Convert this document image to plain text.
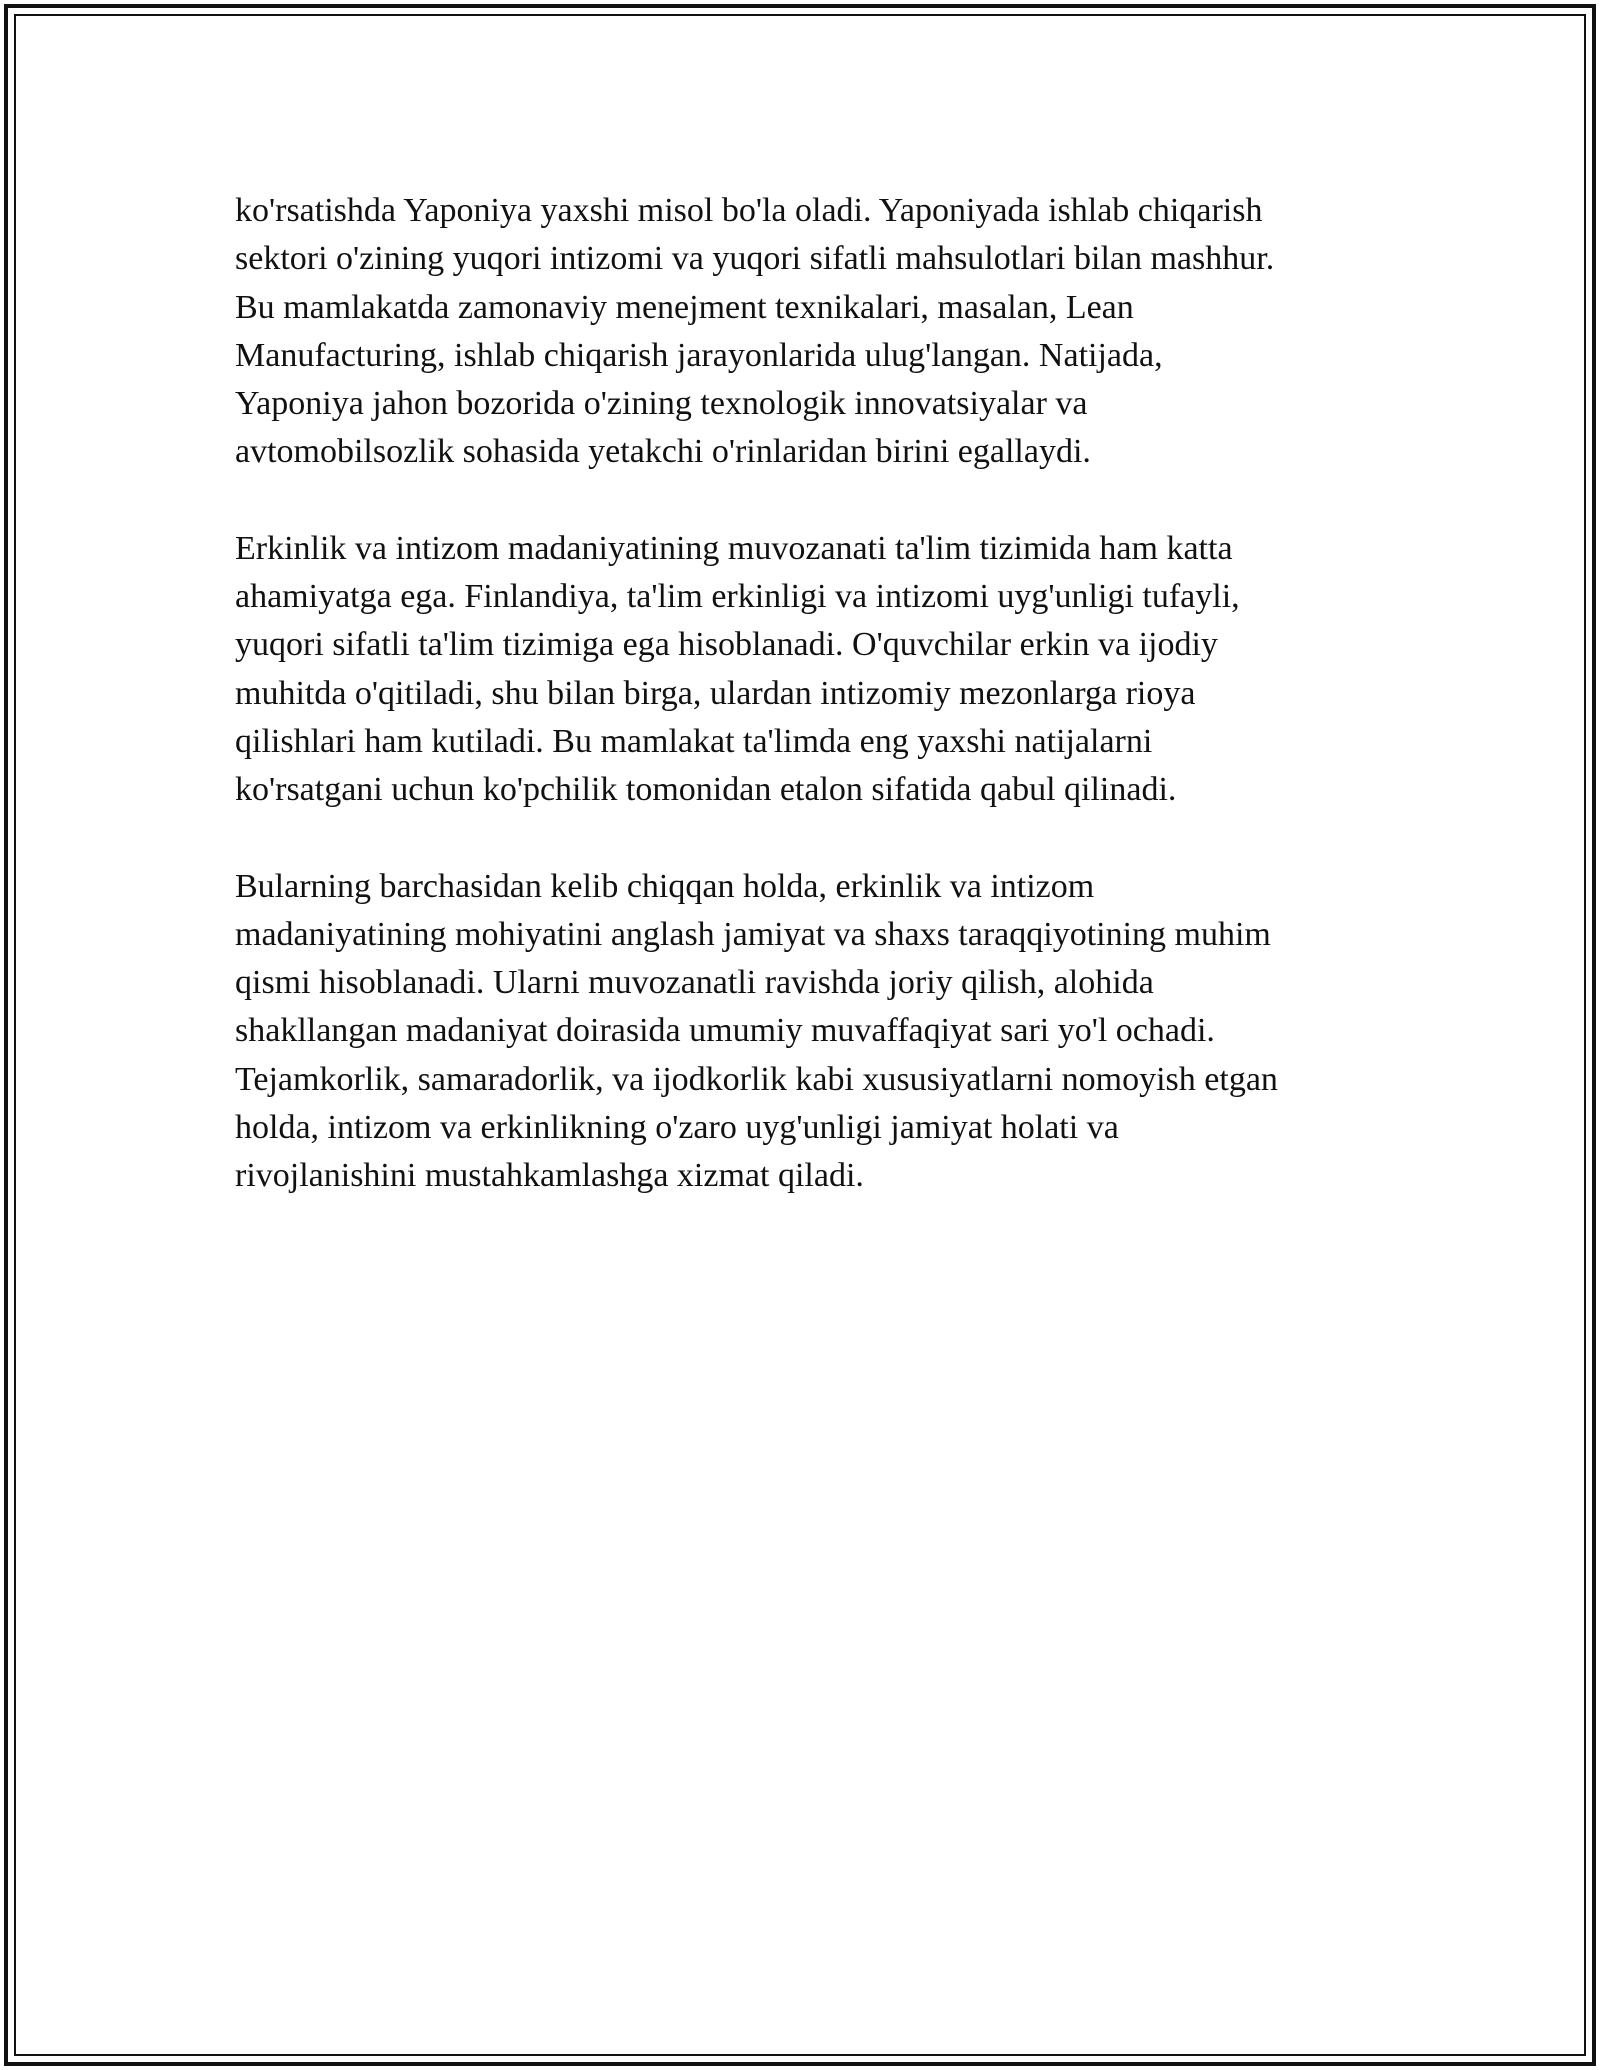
ko'rsatishda Yaponiya yaxshi misol bo'la oladi. Yaponiyada ishlab chiqarish
sektori o'zining yuqori intizomi va yuqori sifatli mahsulotlari bilan mashhur.
Bu mamlakatda zamonaviy menejment texnikalari, masalan, Lean
Manufacturing, ishlab chiqarish jarayonlarida ulug'langan. Natijada,
Yaponiya jahon bozorida o'zining texnologik innovatsiyalar va
avtomobilsozlik sohasida yetakchi o'rinlaridan birini egallaydi.

Erkinlik va intizom madaniyatining muvozanati ta'lim tizimida ham katta
ahamiyatga ega. Finlandiya, ta'lim erkinligi va intizomi uyg'unligi tufayli,
yuqori sifatli ta'lim tizimiga ega hisoblanadi. O'quvchilar erkin va ijodiy
muhitda o'qitiladi, shu bilan birga, ulardan intizomiy mezonlarga rioya
qilishlari ham kutiladi. Bu mamlakat ta'limda eng yaxshi natijalarni
ko'rsatgani uchun ko'pchilik tomonidan etalon sifatida qabul qilinadi.

Bularning barchasidan kelib chiqqan holda, erkinlik va intizom
madaniyatining mohiyatini anglash jamiyat va shaxs taraqqiyotining muhim
qismi hisoblanadi. Ularni muvozanatli ravishda joriy qilish, alohida
shakllangan madaniyat doirasida umumiy muvaffaqiyat sari yo'l ochadi.
Tejamkorlik, samaradorlik, va ijodkorlik kabi xususiyatlarni nomoyish etgan
holda, intizom va erkinlikning o'zaro uyg'unligi jamiyat holati va
rivojlanishini mustahkamlashga xizmat qiladi.
